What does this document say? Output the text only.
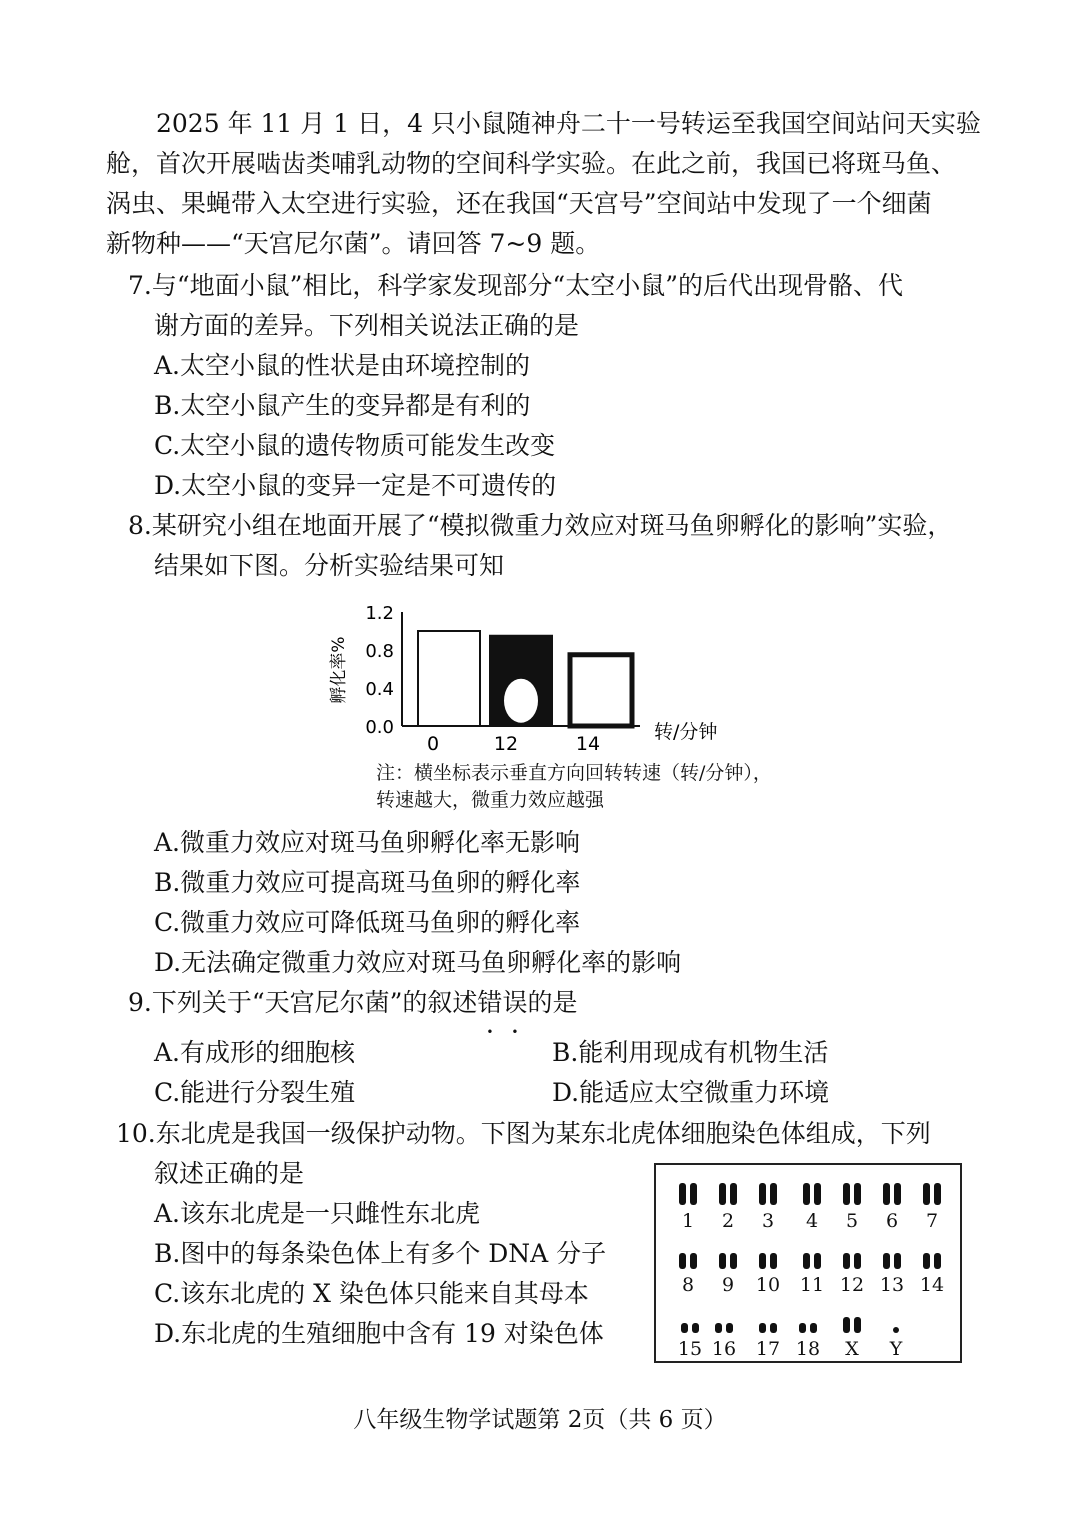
2025 年 11 月 1 日，4 只小鼠随神舟二十一号转运至我国空间站问天实验
舱，首次开展啮齿类哺乳动物的空间科学实验。在此之前，我国已将斑马鱼、
涡虫、果蝇带入太空进行实验，还在我国“天宫号”空间站中发现了一个细菌
新物种——“天宫尼尔菌”。请回答 7~9 题。
7.与“地面小鼠”相比，科学家发现部分“太空小鼠”的后代出现骨骼、代
谢方面的差异。下列相关说法正确的是
A.太空小鼠的性状是由环境控制的
B.太空小鼠产生的变异都是有利的
C.太空小鼠的遗传物质可能发生改变
D.太空小鼠的变异一定是不可遗传的
8.某研究小组在地面开展了“模拟微重力效应对斑马鱼卵孵化的影响”实验，
结果如下图。分析实验结果可知
孵化率%
0.0
0.4
0.8
1.2
0	12	14
转/分钟
注：横坐标表示垂直方向回转转速（转/分钟），
转速越大，微重力效应越强
A.微重力效应对斑马鱼卵孵化率无影响
B.微重力效应可提高斑马鱼卵的孵化率
C.微重力效应可降低斑马鱼卵的孵化率
D.无法确定微重力效应对斑马鱼卵孵化率的影响
9.下列关于“天宫尼尔菌”的叙述错误的是
A.有成形的细胞核	B.能利用现成有机物生活
C.能进行分裂生殖	D.能适应太空微重力环境
10.东北虎是我国一级保护动物。下图为某东北虎体细胞染色体组成，下列
叙述正确的是
A.该东北虎是一只雌性东北虎
B.图中的每条染色体上有多个 DNA 分子
C.该东北虎的 X 染色体只能来自其母本
D.东北虎的生殖细胞中含有 19 对染色体
1	2	3	4	5	6	7
8	9	10	11 12 13 14
15 16	17 18	X	Y
八年级生物学试题第 2页（共 6 页）
